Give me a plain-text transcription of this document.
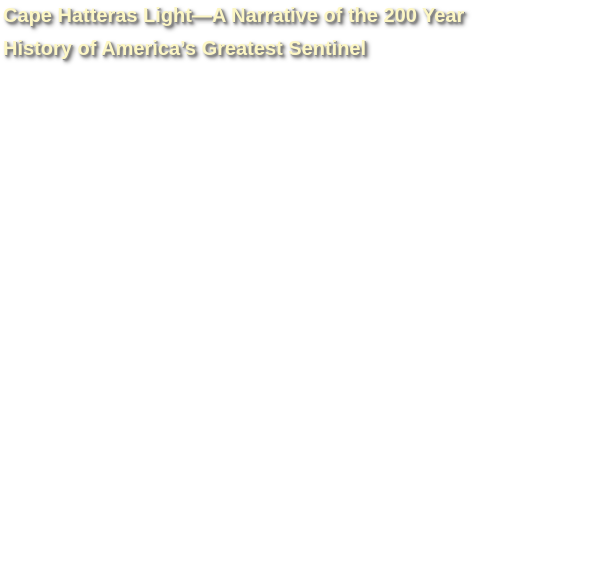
Cape Hatteras Light—A Narrative of the 200 Year
History of America’s Greatest Sentinel
